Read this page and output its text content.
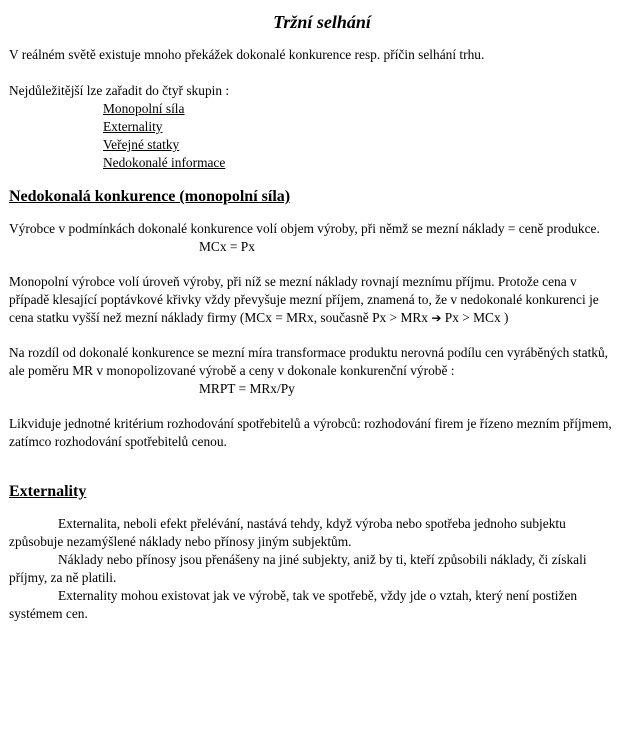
Tržní selhání

V reálném světě existuje mnoho překážek dokonalé konkurence resp. příčin selhání trhu.

Nejdůležitější lze zařadit do čtyř skupin :

Monopolní síla
Externality
Veřejné statky
Nedokonalé informace
Nedokonalá konkurence (monopolní síla)

Výrobce v podmínkách dokonalé konkurence volí objem výroby, při němž se mezní náklady = ceně produkce.

MCx = Px

Monopolní výrobce volí úroveň výroby, při níž se mezní náklady rovnají meznímu příjmu. Protože cena v případě klesající poptávkové křivky vždy převyšuje mezní příjem, znamená to, že v nedokonalé konkurenci je cena statku vyšší než mezní náklady firmy (MCx = MRx, současně Px > MRx ➔ Px > MCx )

Na rozdíl od dokonalé konkurence se mezní míra transformace produktu nerovná podílu cen vyráběných statků, ale poměru MR v monopolizované výrobě a ceny v dokonale konkurenční výrobě :

MRPT = MRx/Py

Likviduje jednotné kritérium rozhodování spotřebitelů a výrobců: rozhodování firem je řízeno mezním příjmem, zatímco rozhodování spotřebitelů cenou.

Externality

Externalita, neboli efekt přelévání, nastává tehdy, když výroba nebo spotřeba jednoho subjektu způsobuje nezamýšlené náklady nebo přínosy jiným subjektům.

Náklady nebo přínosy jsou přenášeny na jiné subjekty, aniž by ti, kteří způsobili náklady, či získali příjmy, za ně platili.

Externality mohou existovat jak ve výrobě, tak ve spotřebě, vždy jde o vztah, který není postižen systémem cen.
